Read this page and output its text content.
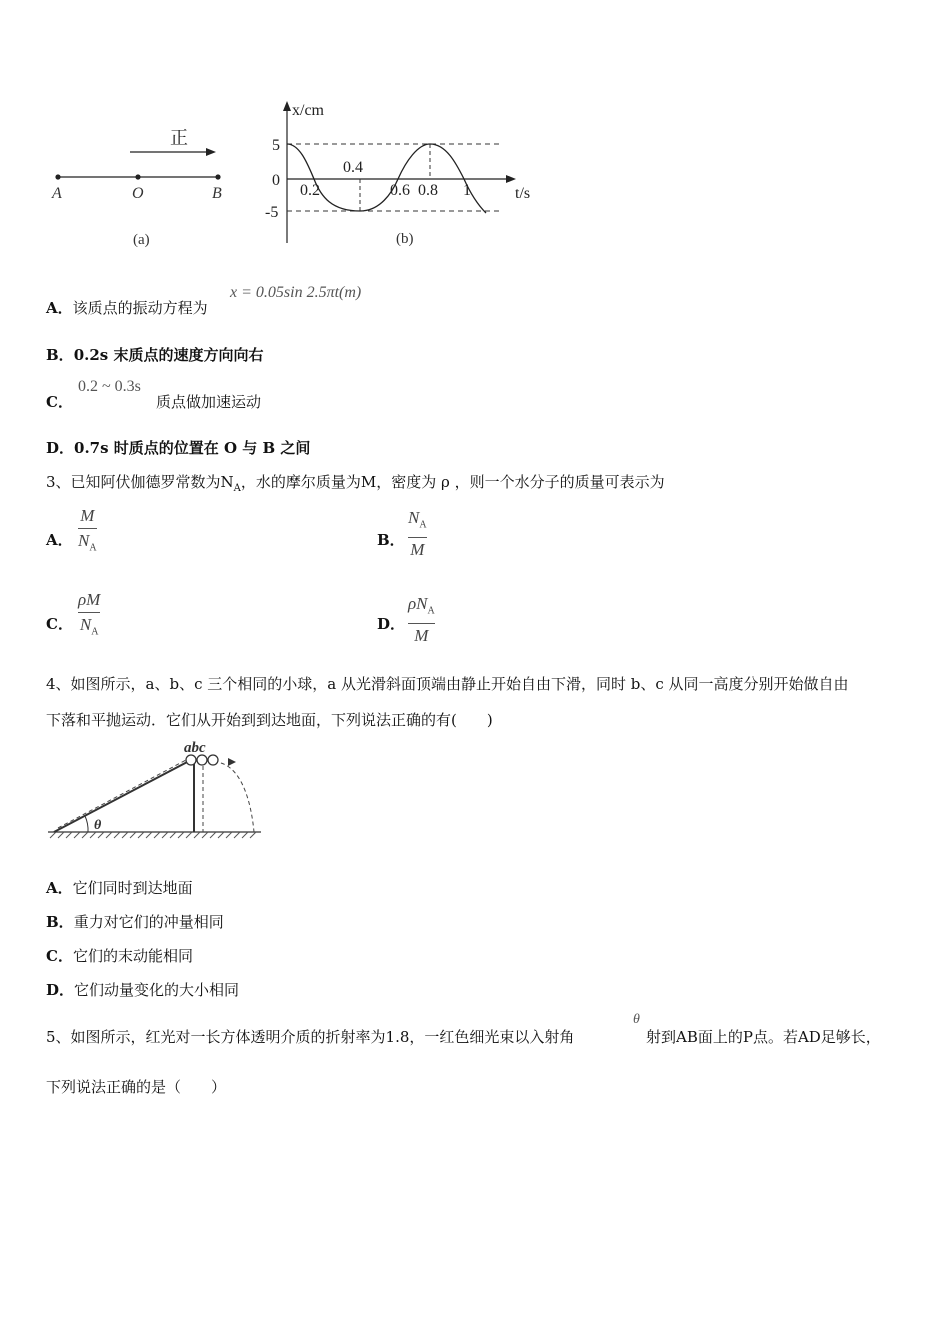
正
A	O	B
(a)
x/cm
t/s
5
0
-5
0.2
0.4
0.6 0.8 1
(b)
A．该质点的振动方程为
x = 0.05sin 2.5πt(m)
B．0.2s 末质点的速度方向向右
C．
0.2 ~ 0.3s
质点做加速运动
D．0.7s 时质点的位置在 O 与 B 之间
3、已知阿伏伽德罗常数为$N_A$，水的摩尔质量为M，密度为 ρ ，则一个水分子的质量可表示为
A．
M
$N_A$	B．
$N_A$
M
C．
ρM
$N_A$	D．
$\rho N_A$
M
4、如图所示，a、b、c 三个相同的小球，a 从光滑斜面顶端由静止开始自由下滑，同时 b、c 从同一高度分别开始做自由
下落和平抛运动．它们从开始到到达地面，下列说法正确的有(　　)
abc
θ
A．它们同时到达地面
B．重力对它们的冲量相同
C．它们的末动能相同
D．它们动量变化的大小相同
5、如图所示，红光对一长方体透明介质的折射率为1.8，一红色细光束以入射角
θ
射到AB面上的P点。若AD足够长，
下列说法正确的是（　　）
